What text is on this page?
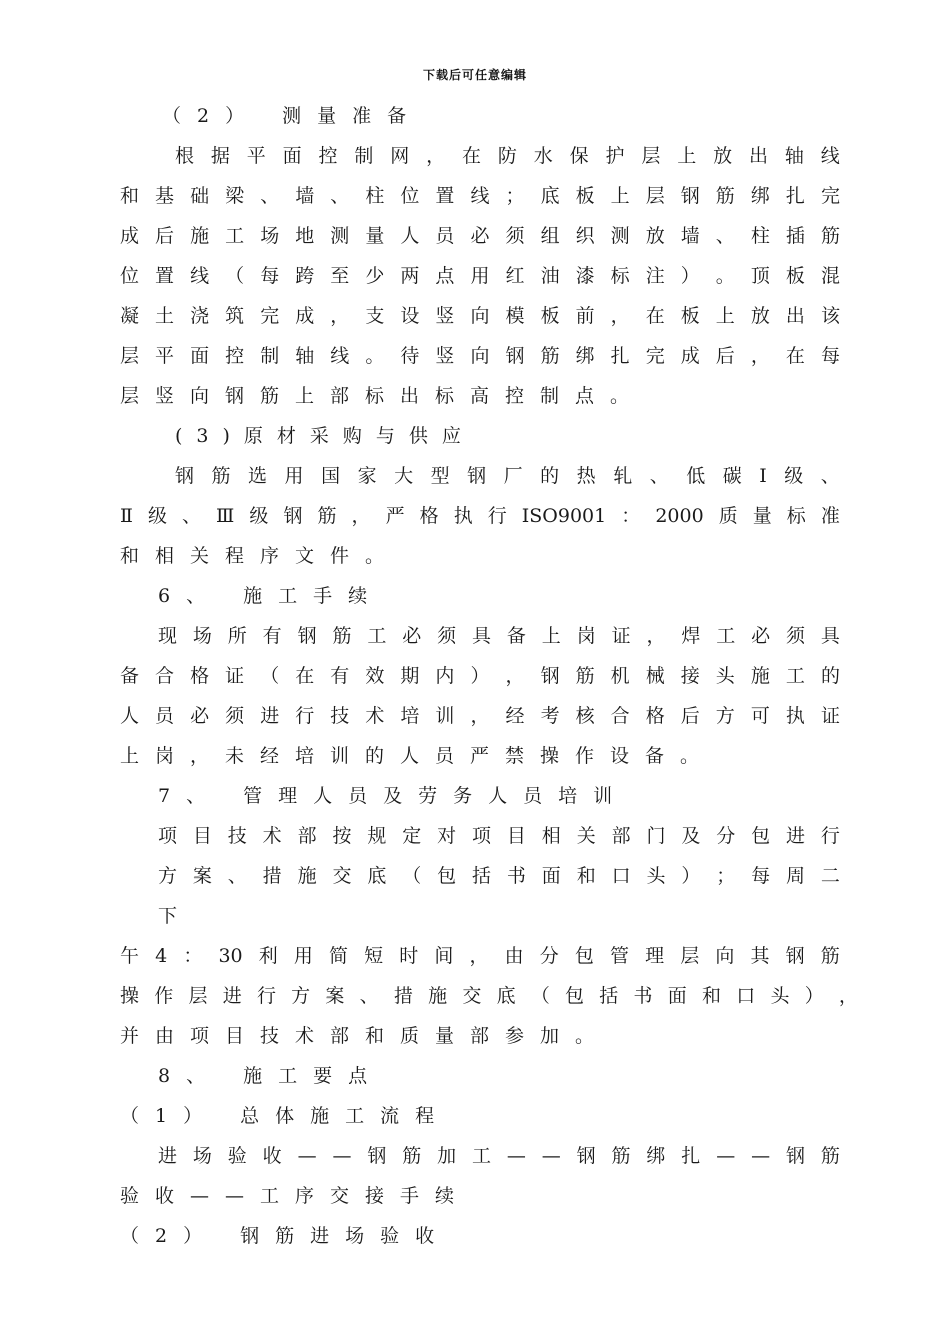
下载后可任意编辑
（2） 测量准备
根 据 平 面 控 制 网 ， 在 防 水 保 护 层 上 放 出 轴 线
和 基 础 梁 、 墙 、 柱 位 置 线 ； 底 板 上 层 钢 筋 绑 扎 完
成 后 施 工 场 地 测 量 人 员 必 须 组 织 测 放 墙 、 柱 插 筋
位 置 线 （ 每 跨 至 少 两 点 用 红 油 漆 标 注 ） 。 顶 板 混
凝 土 浇 筑 完 成 ， 支 设 竖 向 模 板 前 ， 在 板 上 放 出 该
层 平 面 控 制 轴 线 。 待 竖 向 钢 筋 绑 扎 完 成 后 ， 在 每
层竖向钢筋上部标出标高控制点。
(3)原材采购与供应
钢 筋 选 用 国 家 大 型 钢 厂 的 热 轧 、 低 碳 Ⅰ 级 、
Ⅱ 级 、 Ⅲ 级 钢 筋 ， 严 格 执 行 ISO9001 ： 2000 质 量 标 准
和相关程序文件。
6、 施工手续
现 场 所 有 钢 筋 工 必 须 具 备 上 岗 证 ， 焊 工 必 须 具
备 合 格 证 （ 在 有 效 期 内 ） ， 钢 筋 机 械 接 头 施 工 的
人 员 必 须 进 行 技 术 培 训 ， 经 考 核 合 格 后 方 可 执 证
上岗，未经培训的人员严禁操作设备。
7、 管理人员及劳务人员培训
项 目 技 术 部 按 规 定 对 项 目 相 关 部 门 及 分 包 进 行
方 案 、 措 施 交 底 （ 包 括 书 面 和 口 头 ） ； 每 周 二
下
午 4 ： 30 利 用 简 短 时 间 ， 由 分 包 管 理 层 向 其 钢 筋
操 作 层 进 行 方 案 、 措 施 交 底 （ 包 括 书 面 和 口 头 ） ，
并由项目技术部和质量部参加。
8、 施工要点
（1） 总体施工流程
进 场 验 收 — — 钢 筋 加 工 — — 钢 筋 绑 扎 — — 钢 筋
验收——工序交接手续
（2） 钢筋进场验收
